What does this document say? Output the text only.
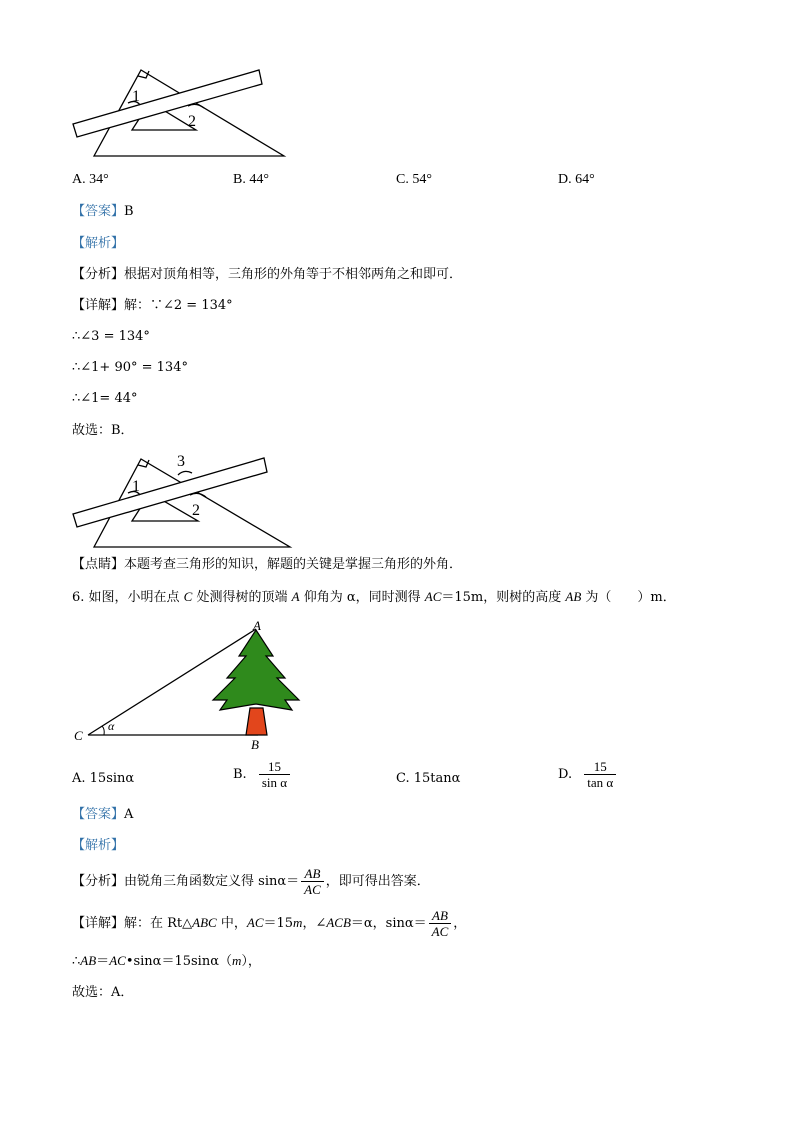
1
2
A. 34°	B. 44°	C. 54°	D. 64°
【答案】B
【解析】
【分析】根据对顶角相等，三角形的外角等于不相邻两角之和即可．
【详解】解：∵∠2 = 134°
∴∠3 = 134°
∴∠1+ 90° = 134°
∴∠1= 44°
故选：B．
1
2
3
【点睛】本题考查三角形的知识，解题的关键是掌握三角形的外角．
6. 如图，小明在点 C 处测得树的顶端 A 仰角为 α，同时测得 AC＝15m，则树的高度 AB 为（　　）m．
A
B
C
α
A. 15sinα	B. $\frac{15}{\text{sin α}}$	C. 15tanα	D. $\frac{15}{\text{tan α}}$
【答案】A
【解析】
【分析】由锐角三角函数定义得 $\sin\alpha= \frac{AB}{AC}$ ，即可得出答案．
【详解】解：在 Rt△ABC 中，AC＝15m，∠ACB＝α，$\sin\alpha= \frac{AB}{AC}$ ，
∴AB＝AC•sinα＝15sinα（m），
故选：A．
